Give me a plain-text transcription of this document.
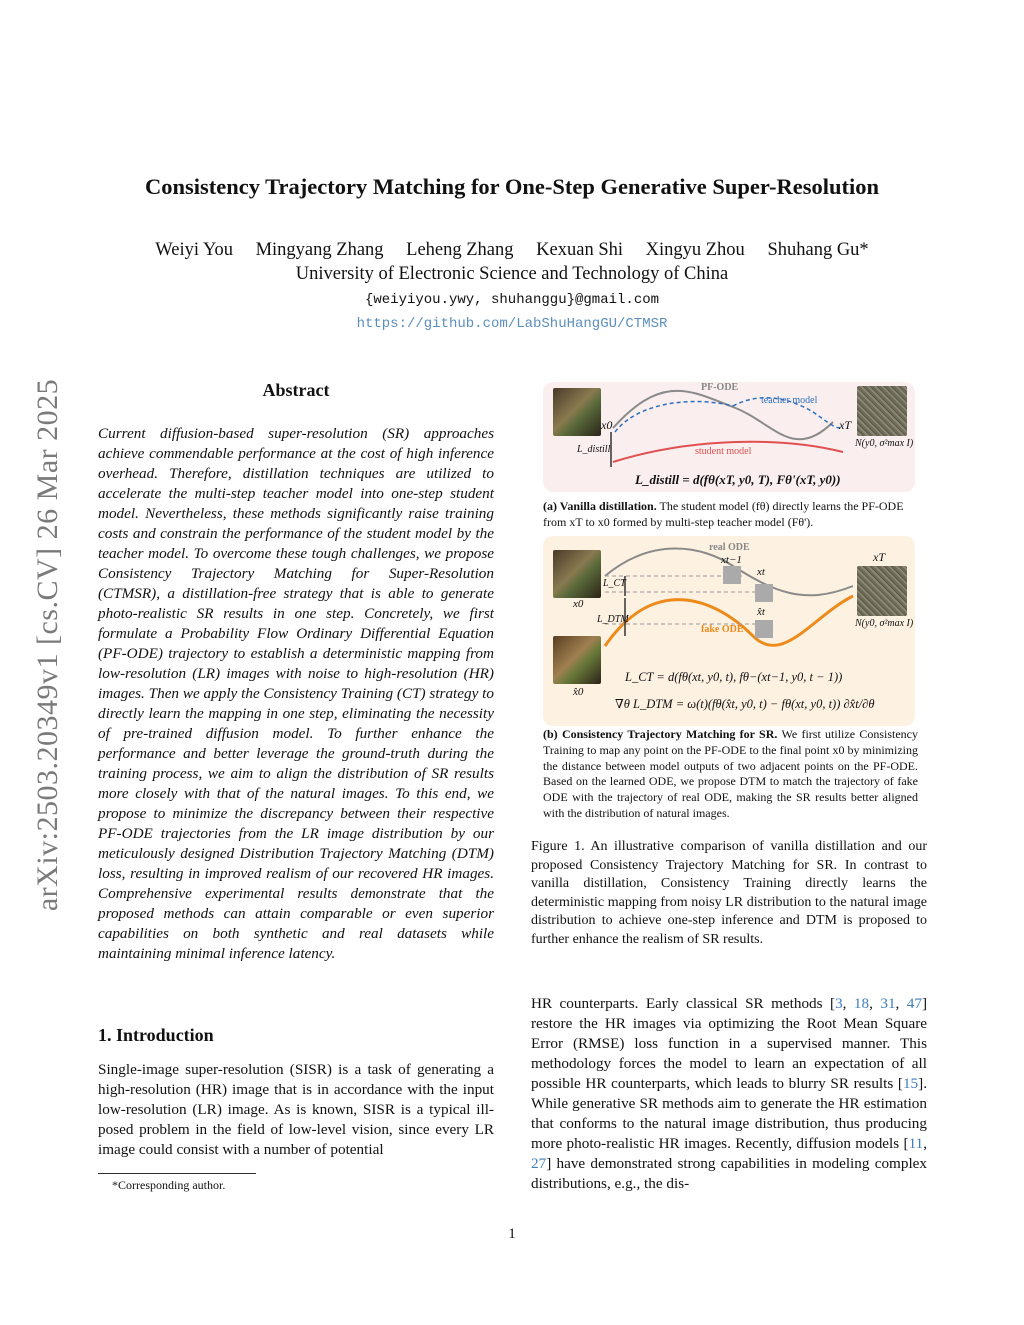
Consistency Trajectory Matching for One-Step Generative Super-Resolution
Weiyi You Mingyang Zhang Leheng Zhang Kexuan Shi Xingyu Zhou Shuhang Gu*
University of Electronic Science and Technology of China
{weiyiyou.ywy, shuhanggu}@gmail.com
https://github.com/LabShuHangGU/CTMSR
arXiv:2503.20349v1 [cs.CV] 26 Mar 2025	Abstract
Current diffusion-based super-resolution (SR) approaches achieve commendable performance at the cost of high inference overhead. Therefore, distillation techniques are utilized to accelerate the multi-step teacher model into one-step student model. Nevertheless, these methods significantly raise training costs and constrain the performance of the student model by the teacher model. To overcome these tough challenges, we propose Consistency Trajectory Matching for Super-Resolution (CTMSR), a distillation-free strategy that is able to generate photo-realistic SR results in one step. Concretely, we first formulate a Probability Flow Ordinary Differential Equation (PF-ODE) trajectory to establish a deterministic mapping from low-resolution (LR) images with noise to high-resolution (HR) images. Then we apply the Consistency Training (CT) strategy to directly learn the mapping in one step, eliminating the necessity of pre-trained diffusion model. To further enhance the performance and better leverage the ground-truth during the training process, we aim to align the distribution of SR results more closely with that of the natural images. To this end, we propose to minimize the discrepancy between their respective PF-ODE trajectories from the LR image distribution by our meticulously designed Distribution Trajectory Matching (DTM) loss, resulting in improved realism of our recovered HR images. Comprehensive experimental results demonstrate that the proposed methods can attain comparable or even superior capabilities on both synthetic and real datasets while maintaining minimal inference latency.
1. Introduction
Single-image super-resolution (SISR) is a task of generating a high-resolution (HR) image that is in accordance with the input low-resolution (LR) image. As is known, SISR is a typical ill-posed problem in the field of low-level vision, since every LR image could consist with a number of potential
*Corresponding author.
HR counterparts. Early classical SR methods [3, 18, 31, 47] restore the HR images via optimizing the Root Mean Square Error (RMSE) loss function in a supervised manner. This methodology forces the model to learn an expectation of all possible HR counterparts, which leads to blurry SR results [15]. While generative SR methods aim to generate the HR estimation that conforms to the natural image distribution, thus producing more photo-realistic HR images. Recently, diffusion models [11, 27] have demonstrated strong capabilities in modeling complex distributions, e.g., the dis-
PF-ODE
teacher model
student model
x0	xT
N(y0, σ²max I)
L_distill
L_distill = d(fθ(xT, y0, T), Fθ'(xT, y0))
(a) Vanilla distillation. The student model (fθ) directly learns the PF-ODE from xT to x0 formed by multi-step teacher model (Fθ').
real ODE
fake ODE
x0
x̂0
xT
xt−1
xt
x̂t
N(y0, σ²max I)
L_CT
L_DTM
L_CT = d(fθ(xt, y0, t), fθ−(xt−1, y0, t − 1))
∇θ L_DTM = ω(t)(fθ(x̂t, y0, t) − fθ(xt, y0, t)) ∂x̂t/∂θ
(b) Consistency Trajectory Matching for SR. We first utilize Consistency Training to map any point on the PF-ODE to the final point x0 by minimizing the distance between model outputs of two adjacent points on the PF-ODE. Based on the learned ODE, we propose DTM to match the trajectory of fake ODE with the trajectory of real ODE, making the SR results better aligned with the distribution of natural images.
Figure 1. An illustrative comparison of vanilla distillation and our proposed Consistency Trajectory Matching for SR. In contrast to vanilla distillation, Consistency Training directly learns the deterministic mapping from noisy LR distribution to the natural image distribution to achieve one-step inference and DTM is proposed to further enhance the realism of SR results.
1
